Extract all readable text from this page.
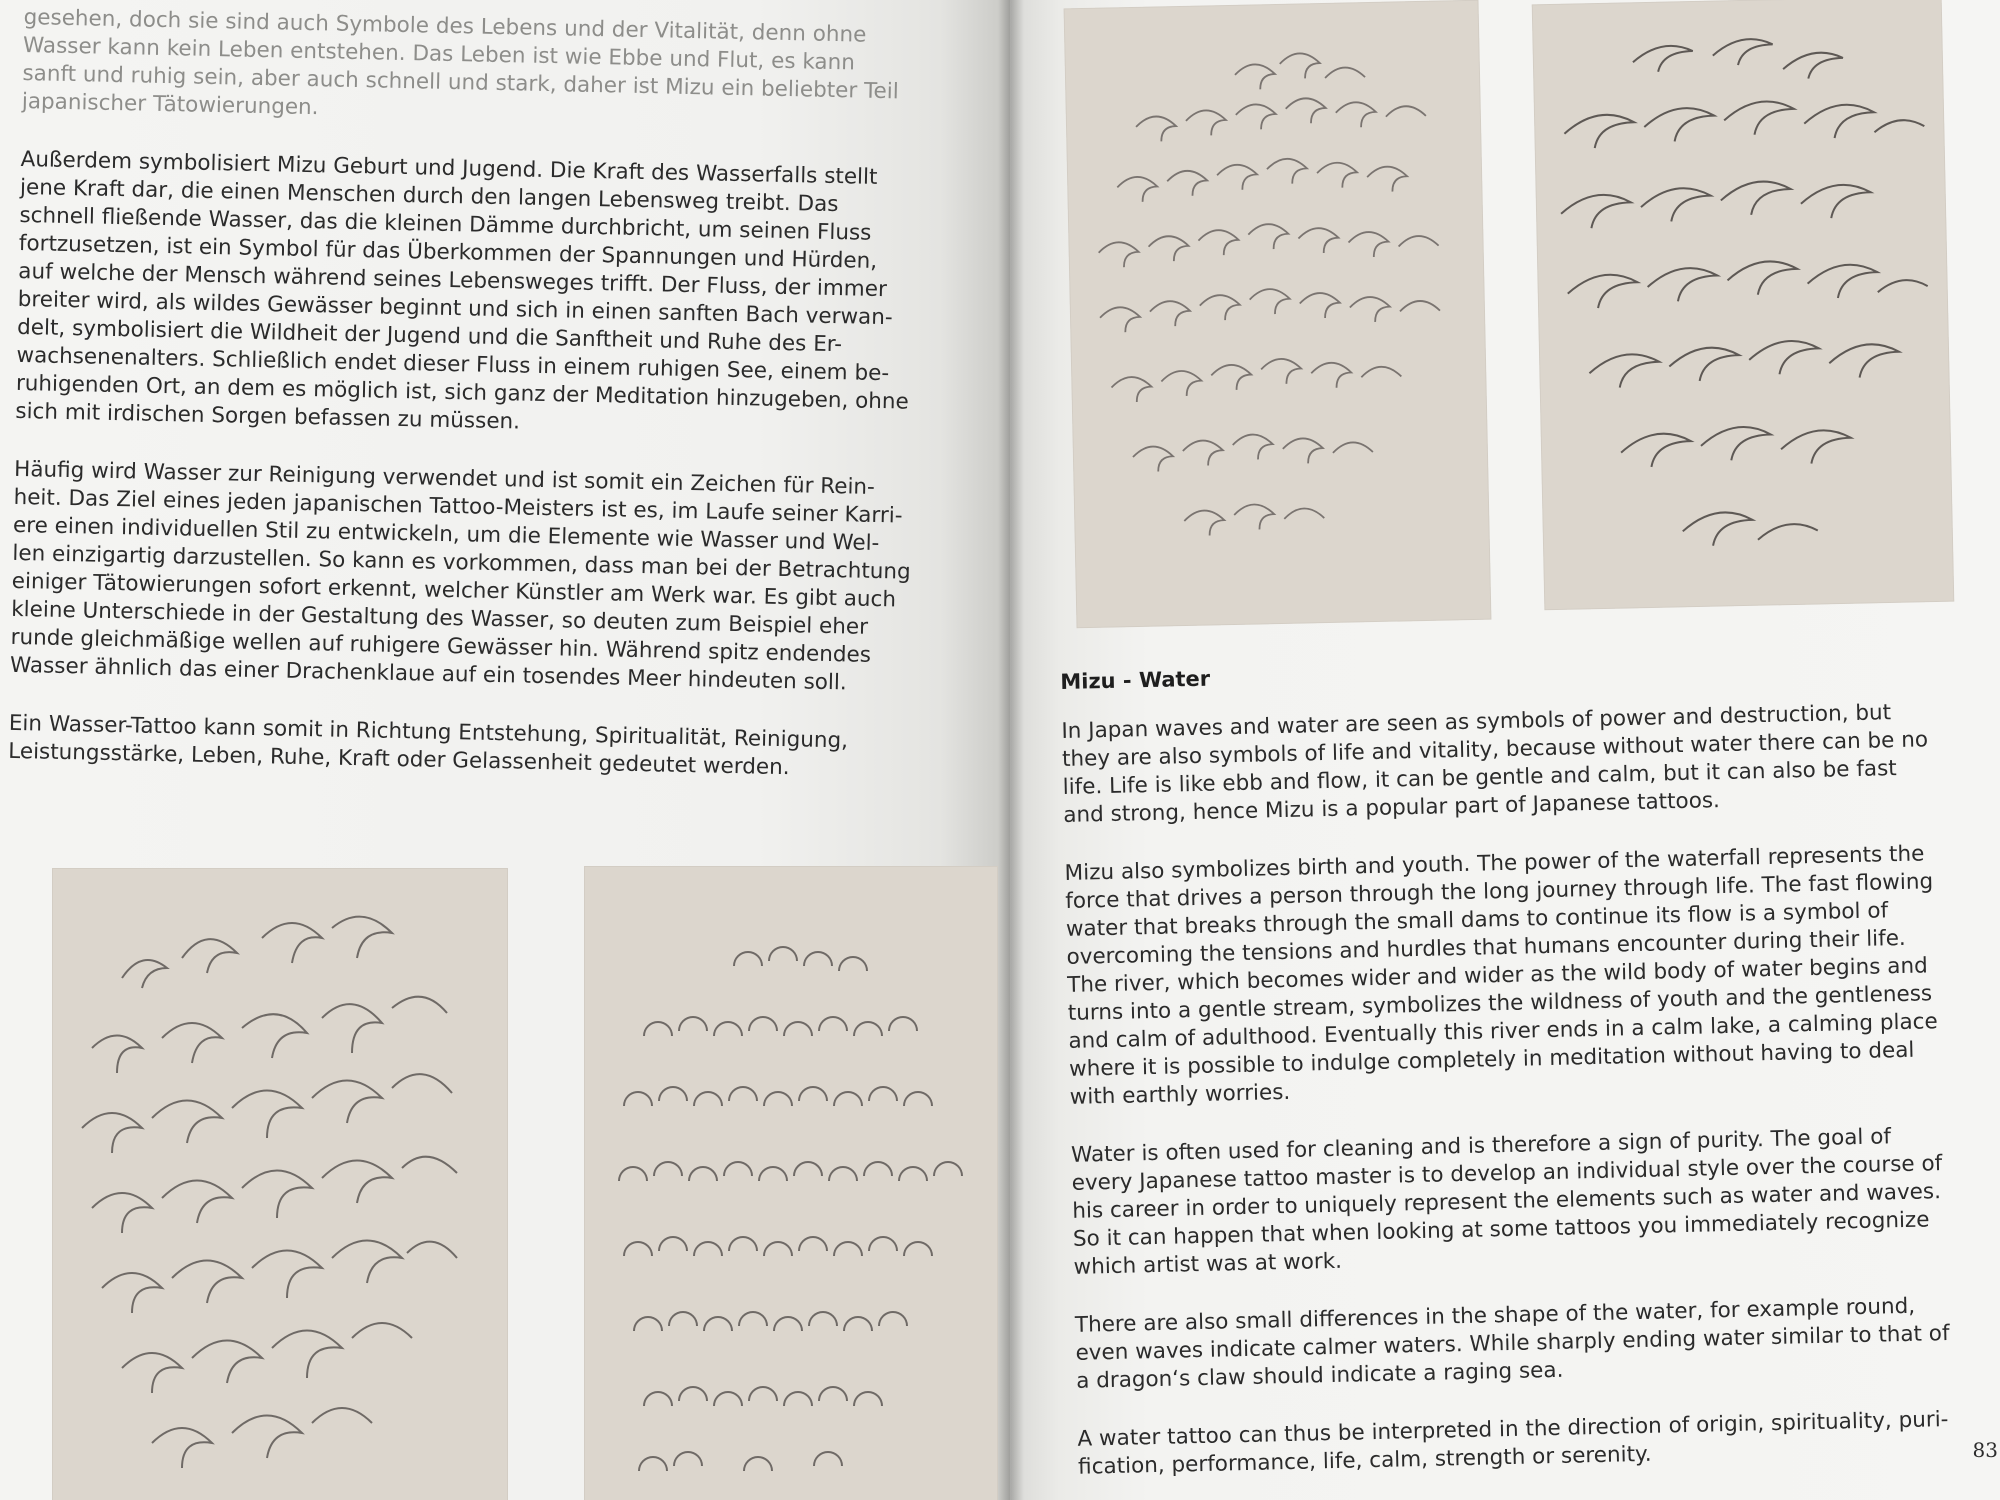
gesehen, doch sie sind auch Symbole des Lebens und der Vitalität, denn ohne
Wasser kann kein Leben entstehen. Das Leben ist wie Ebbe und Flut, es kann
sanft und ruhig sein, aber auch schnell und stark, daher ist Mizu ein beliebter Teil
japanischer Tätowierungen.

Außerdem symbolisiert Mizu Geburt und Jugend. Die Kraft des Wasserfalls stellt
jene Kraft dar, die einen Menschen durch den langen Lebensweg treibt. Das
schnell fließende Wasser, das die kleinen Dämme durchbricht, um seinen Fluss
fortzusetzen, ist ein Symbol für das Überkommen der Spannungen und Hürden,
auf welche der Mensch während seines Lebensweges trifft. Der Fluss, der immer
breiter wird, als wildes Gewässer beginnt und sich in einen sanften Bach verwan-
delt, symbolisiert die Wildheit der Jugend und die Sanftheit und Ruhe des Er-
wachsenenalters. Schließlich endet dieser Fluss in einem ruhigen See, einem be-
ruhigenden Ort, an dem es möglich ist, sich ganz der Meditation hinzugeben, ohne
sich mit irdischen Sorgen befassen zu müssen.

Häufig wird Wasser zur Reinigung verwendet und ist somit ein Zeichen für Rein-
heit. Das Ziel eines jeden japanischen Tattoo-Meisters ist es, im Laufe seiner Karri-
ere einen individuellen Stil zu entwickeln, um die Elemente wie Wasser und Wel-
len einzigartig darzustellen. So kann es vorkommen, dass man bei der Betrachtung
einiger Tätowierungen sofort erkennt, welcher Künstler am Werk war. Es gibt auch
kleine Unterschiede in der Gestaltung des Wasser, so deuten zum Beispiel eher
runde gleichmäßige wellen auf ruhigere Gewässer hin. Während spitz endendes
Wasser ähnlich das einer Drachenklaue auf ein tosendes Meer hindeuten soll.

Ein Wasser-Tattoo kann somit in Richtung Entstehung, Spiritualität, Reinigung,
Leistungsstärke, Leben, Ruhe, Kraft oder Gelassenheit gedeutet werden.

Mizu - Water

In Japan waves and water are seen as symbols of power and destruction, but
they are also symbols of life and vitality, because without water there can be no
life. Life is like ebb and flow, it can be gentle and calm, but it can also be fast
and strong, hence Mizu is a popular part of Japanese tattoos.

Mizu also symbolizes birth and youth. The power of the waterfall represents the
force that drives a person through the long journey through life. The fast flowing
water that breaks through the small dams to continue its flow is a symbol of
overcoming the tensions and hurdles that humans encounter during their life.
The river, which becomes wider and wider as the wild body of water begins and
turns into a gentle stream, symbolizes the wildness of youth and the gentleness
and calm of adulthood. Eventually this river ends in a calm lake, a calming place
where it is possible to indulge completely in meditation without having to deal
with earthly worries.

Water is often used for cleaning and is therefore a sign of purity. The goal of
every Japanese tattoo master is to develop an individual style over the course of
his career in order to uniquely represent the elements such as water and waves.
So it can happen that when looking at some tattoos you immediately recognize
which artist was at work.

There are also small differences in the shape of the water, for example round,
even waves indicate calmer waters. While sharply ending water similar to that of
a dragon‘s claw should indicate a raging sea.

A water tattoo can thus be interpreted in the direction of origin, spirituality, puri-
fication, performance, life, calm, strength or serenity.	83
